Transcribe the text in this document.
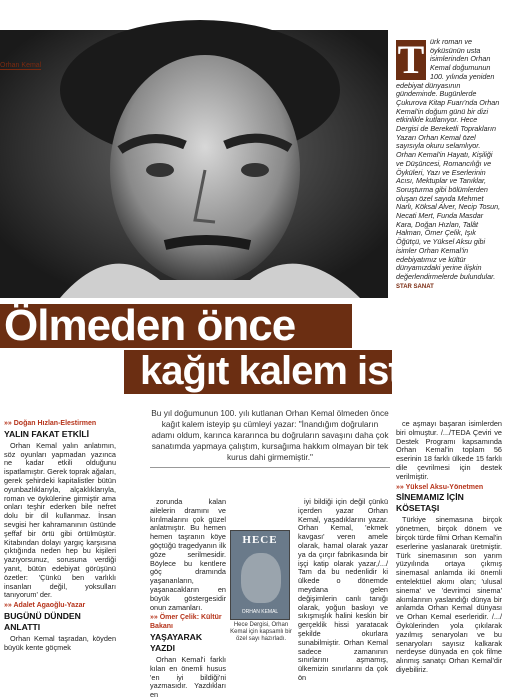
Orhan Kemal	T ürk roman ve öyküsünün usta isimlerinden Orhan Kemal doğumunun 100. yılında yeniden edebiyat dünyasının gündeminde. Bugünlerde Çukurova Kitap Fuarı'nda Orhan Kemal'in doğum günü bir dizi etkinlikle kutlanıyor. Hece Dergisi de Bereketli Toprakların Yazarı Orhan Kemal özel sayısıyla okuru selamlıyor. Orhan Kemal'in Hayatı, Kişiliği ve Düşüncesi, Romancılığı ve Öyküleri, Yazı ve Eserlerinin Acısı, Mektuplar ve Tanıklar, Soruşturma gibi bölümlerden oluşan özel sayıda Mehmet Narlı, Köksal Alver, Necip Tosun, Necati Mert, Funda Masdar Kara, Doğan Hızlan, Talât Halman, Ömer Çelik, Işık Öğütçü, ve Yüksel Aksu gibi isimler Orhan Kemal'in edebiyatımız ve kültür dünyamızdaki yerine ilişkin değerlendirmelerde bulundular. STAR SANAT

Ölmeden önce
kağıt kalem istedi
»» Doğan Hızlan-Elestirmen
YALIN FAKAT ETKİLİ

Orhan Kemal yalın anlatımın, söz oyunları yapmadan yazınca ne kadar etkili olduğunu ispatlamıştır. Gerek toprak ağaları, gerek şehirdeki kapitalistler bütün oyunbazlıklarıyla, alçaklıklarıyla, roman ve öykülerine girmiştir ama onları teşhir ederken bile nefret dolu bir dil kullanmaz. İnsan sevgisi her kahramanının üstünde şeffaf bir örtü gibi örtülmüştür. Kitabından dolayı yargıç karşısına çıktığında neden hep bu kişileri yazıyorsunuz, sorusuna verdiği yanıt, bütün edebiyat görüşünü özetler: 'Çünkü ben varlıklı insanları değil, yoksulları tanıyorum' der.

»» Adalet Agaoğlu-Yazar
BUGÜNÜ DÜNDEN ANLATTI

Orhan Kemal taşradan, köyden büyük kente göçmek

Bu yıl doğumunun 100. yılı kutlanan Orhan Kemal ölmeden önce kağıt kalem isteyip şu cümleyi yazar: "İnandığım doğruların adamı oldum, karınca kararınca bu doğruların savaşını daha çok sanatımda yapmaya çalıştım, kursağıma hakkım olmayan bir tek kurus dahi girmemiştir."

zorunda kalan ailelerin dramını ve kırılmalarını çok güzel anlatmıştır. Bu hemen hemen taşranın köye göçtüğü tragedyanın ilk göze serilmesidir. Böylece bu kentlere göç dramında yaşananların, yaşanacakların en büyük göstergesidir onun zamanları.

»» Ömer Çelik: Kültür Bakanı
YAŞAYARAK YAZDI

Orhan Kemal'i farklı kılan en önemli husus 'en iyi bildiği'ni yazmasıdır. Yazdıkları en

HECE
ORHAN KEMAL
Hece Dergisi, Orhan Kemal için kapsamlı bir özel sayı hazırladı.

iyi bildiği için değil çünkü içerden yazar Orhan Kemal, yaşadıklarını yazar. Orhan Kemal, 'ekmek kavgası' veren amele olarak, hamal olarak yazar ya da çırçır fabrikasında bir işçi katip olarak yazar,/.../ Tam da bu nedenlidir ki ülkede o dönemde meydana gelen değişimlerin canlı tanığı olarak, yoğun baskıyı ve sıkışmışlık halini keskin bir gerçeklik hissi yaratacak şekilde okurlara sunabilmiştir. Orhan Kemal sadece zamanının sınırlarını aşmamış, ülkemizin sınırlarını da çok ön

ce aşmayı başaran isimlerden biri olmuştur. /.../TEDA Çeviri ve Destek Programı kapsamında Orhan Kemal'in toplam 56 eserinin 18 farklı ülkede 15 farklı dile çevrilmesi için destek verilmiştir.

»» Yüksel Aksu-Yönetmen
SİNEMAMIZ İÇİN KÖSETAŞI

Türkiye sinemasına birçok yönetmen, birçok dönem ve birçok türde filmi Orhan Kemal'in eserlerine yaslanarak üretmiştir. Türk sinemasının son yarım yüzyılında ortaya çıkmış sinemasal anlamda iki önemli entelektüel akımı olan; 'ulusal sinema' ve 'devrimci sinema' akımlarının yaslandığı dünya bir anlamda Orhan Kemal dünyası ve Orhan Kemal eserleridir. /.../Öykülerinden yola çıkılarak yazılmış senaryoları ve bu senaryoları sayısız kalkarak nerdeyse dünyada en çok filme alınmış sanatçı Orhan Kemal'dir diyebiliriz.
